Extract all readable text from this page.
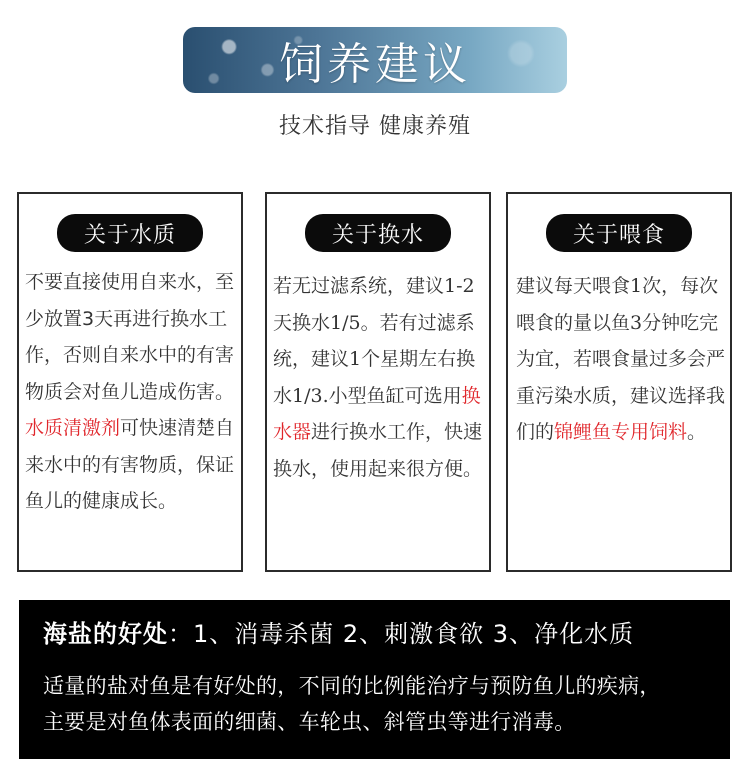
饲养建议
技术指导 健康养殖
关于水质
不要直接使用自来水，至少放置3天再进行换水工作，否则自来水中的有害物质会对鱼儿造成伤害。水质清激剂可快速清楚自来水中的有害物质，保证鱼儿的健康成长。
关于换水
若无过滤系统，建议1-2天换水1/5。若有过滤系统，建议1个星期左右换水1/3.小型鱼缸可选用换水器进行换水工作，快速换水，使用起来很方便。
关于喂食
建议每天喂食1次，每次喂食的量以鱼3分钟吃完为宜，若喂食量过多会严重污染水质，建议选择我们的锦鲤鱼专用饲料。
海盐的好处：1、消毒杀菌 2、刺激食欲 3、净化水质
适量的盐对鱼是有好处的，不同的比例能治疗与预防鱼儿的疾病，
主要是对鱼体表面的细菌、车轮虫、斜管虫等进行消毒。
